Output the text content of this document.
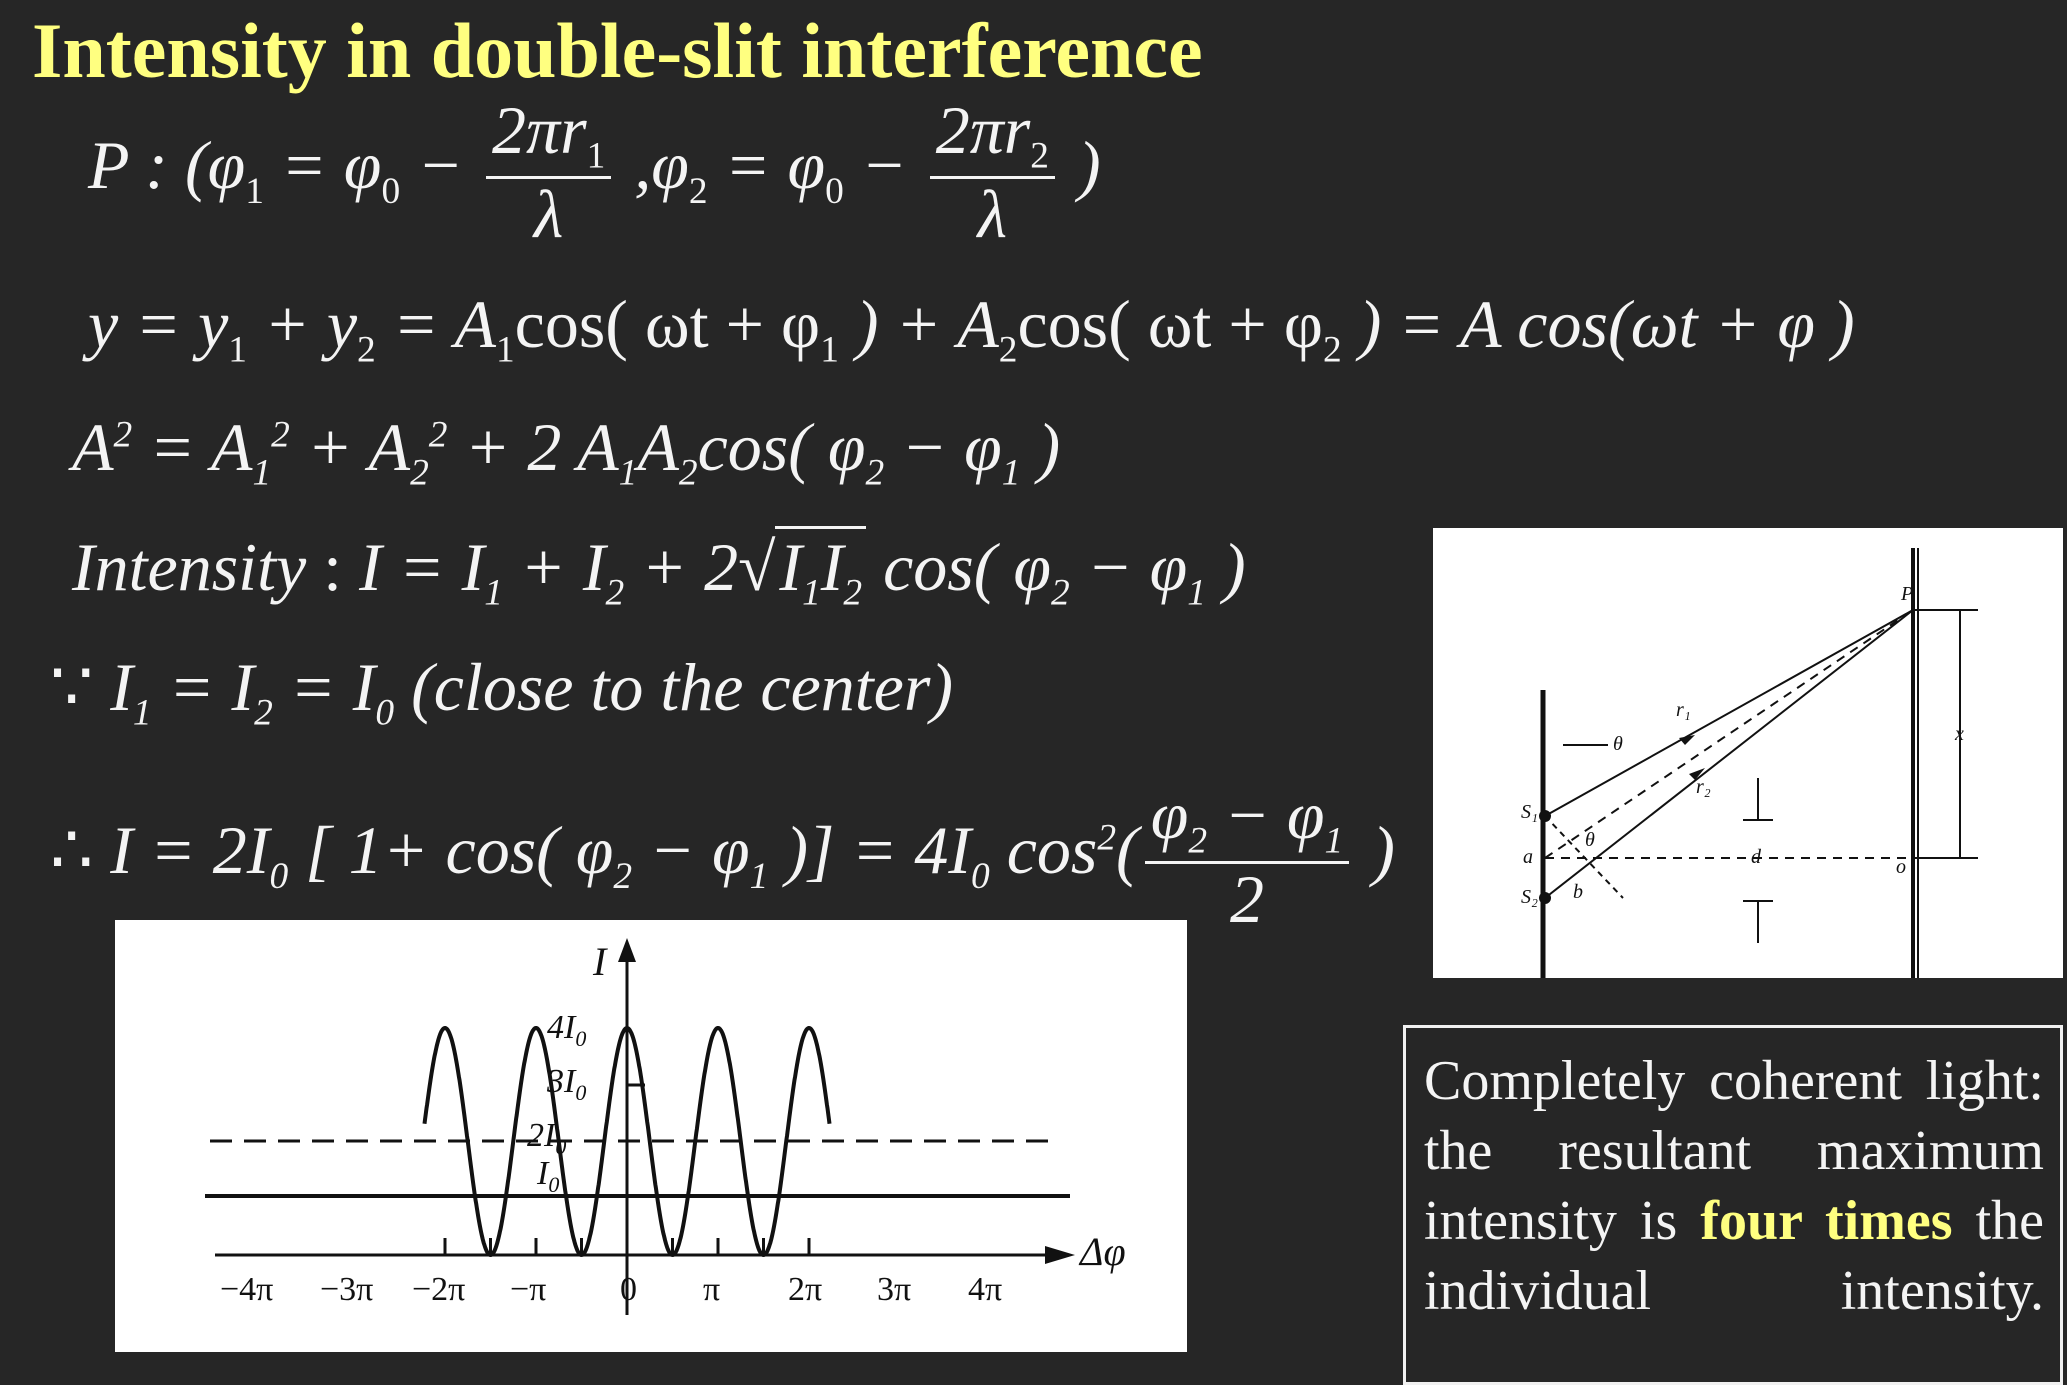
Intensity in double-slit interference
P : ($\varphi_1 = \varphi_0 - \frac{2\pi r_1}{\lambda} ,\varphi_2 = \varphi_0 - \frac{2\pi r_2}{\lambda}$ )
$y = y_1 + y_2 = A_1\cos$( $\omega t + \varphi_1$ ) + $A_2\cos$( $\omega t + \varphi_2$ ) = A cos(ωt + φ )
$A^2 = A_1^2 + A_2^2 + 2$ $A_1A_2\cos$( $\varphi_2 - \varphi_1$ )
Intensity : $I = I_1 + I_2 + 2√I_1I_2$ cos( $\varphi_2 - \varphi_1$ )
∵ $I_1 = I_2 = I_0$ (close to the center)
∴ $I = 2I_0$ [ 1+ cos( $\varphi_2 - \varphi_1$ )] = $4I_0$ $\cos^2( \frac{\varphi_2 - \varphi_1}{2}$ )
I
Δφ
$4I_0$
$3I_0$
$2I_0$
$I_0$
−4π −3π −2π −π 0 π 2π 3π 4π
P
r₁
r₂
θ
θ
S₁
S₂
a
b
d	o
x
Completely coherent light: the resultant maximum intensity is four times the individual intensity.
